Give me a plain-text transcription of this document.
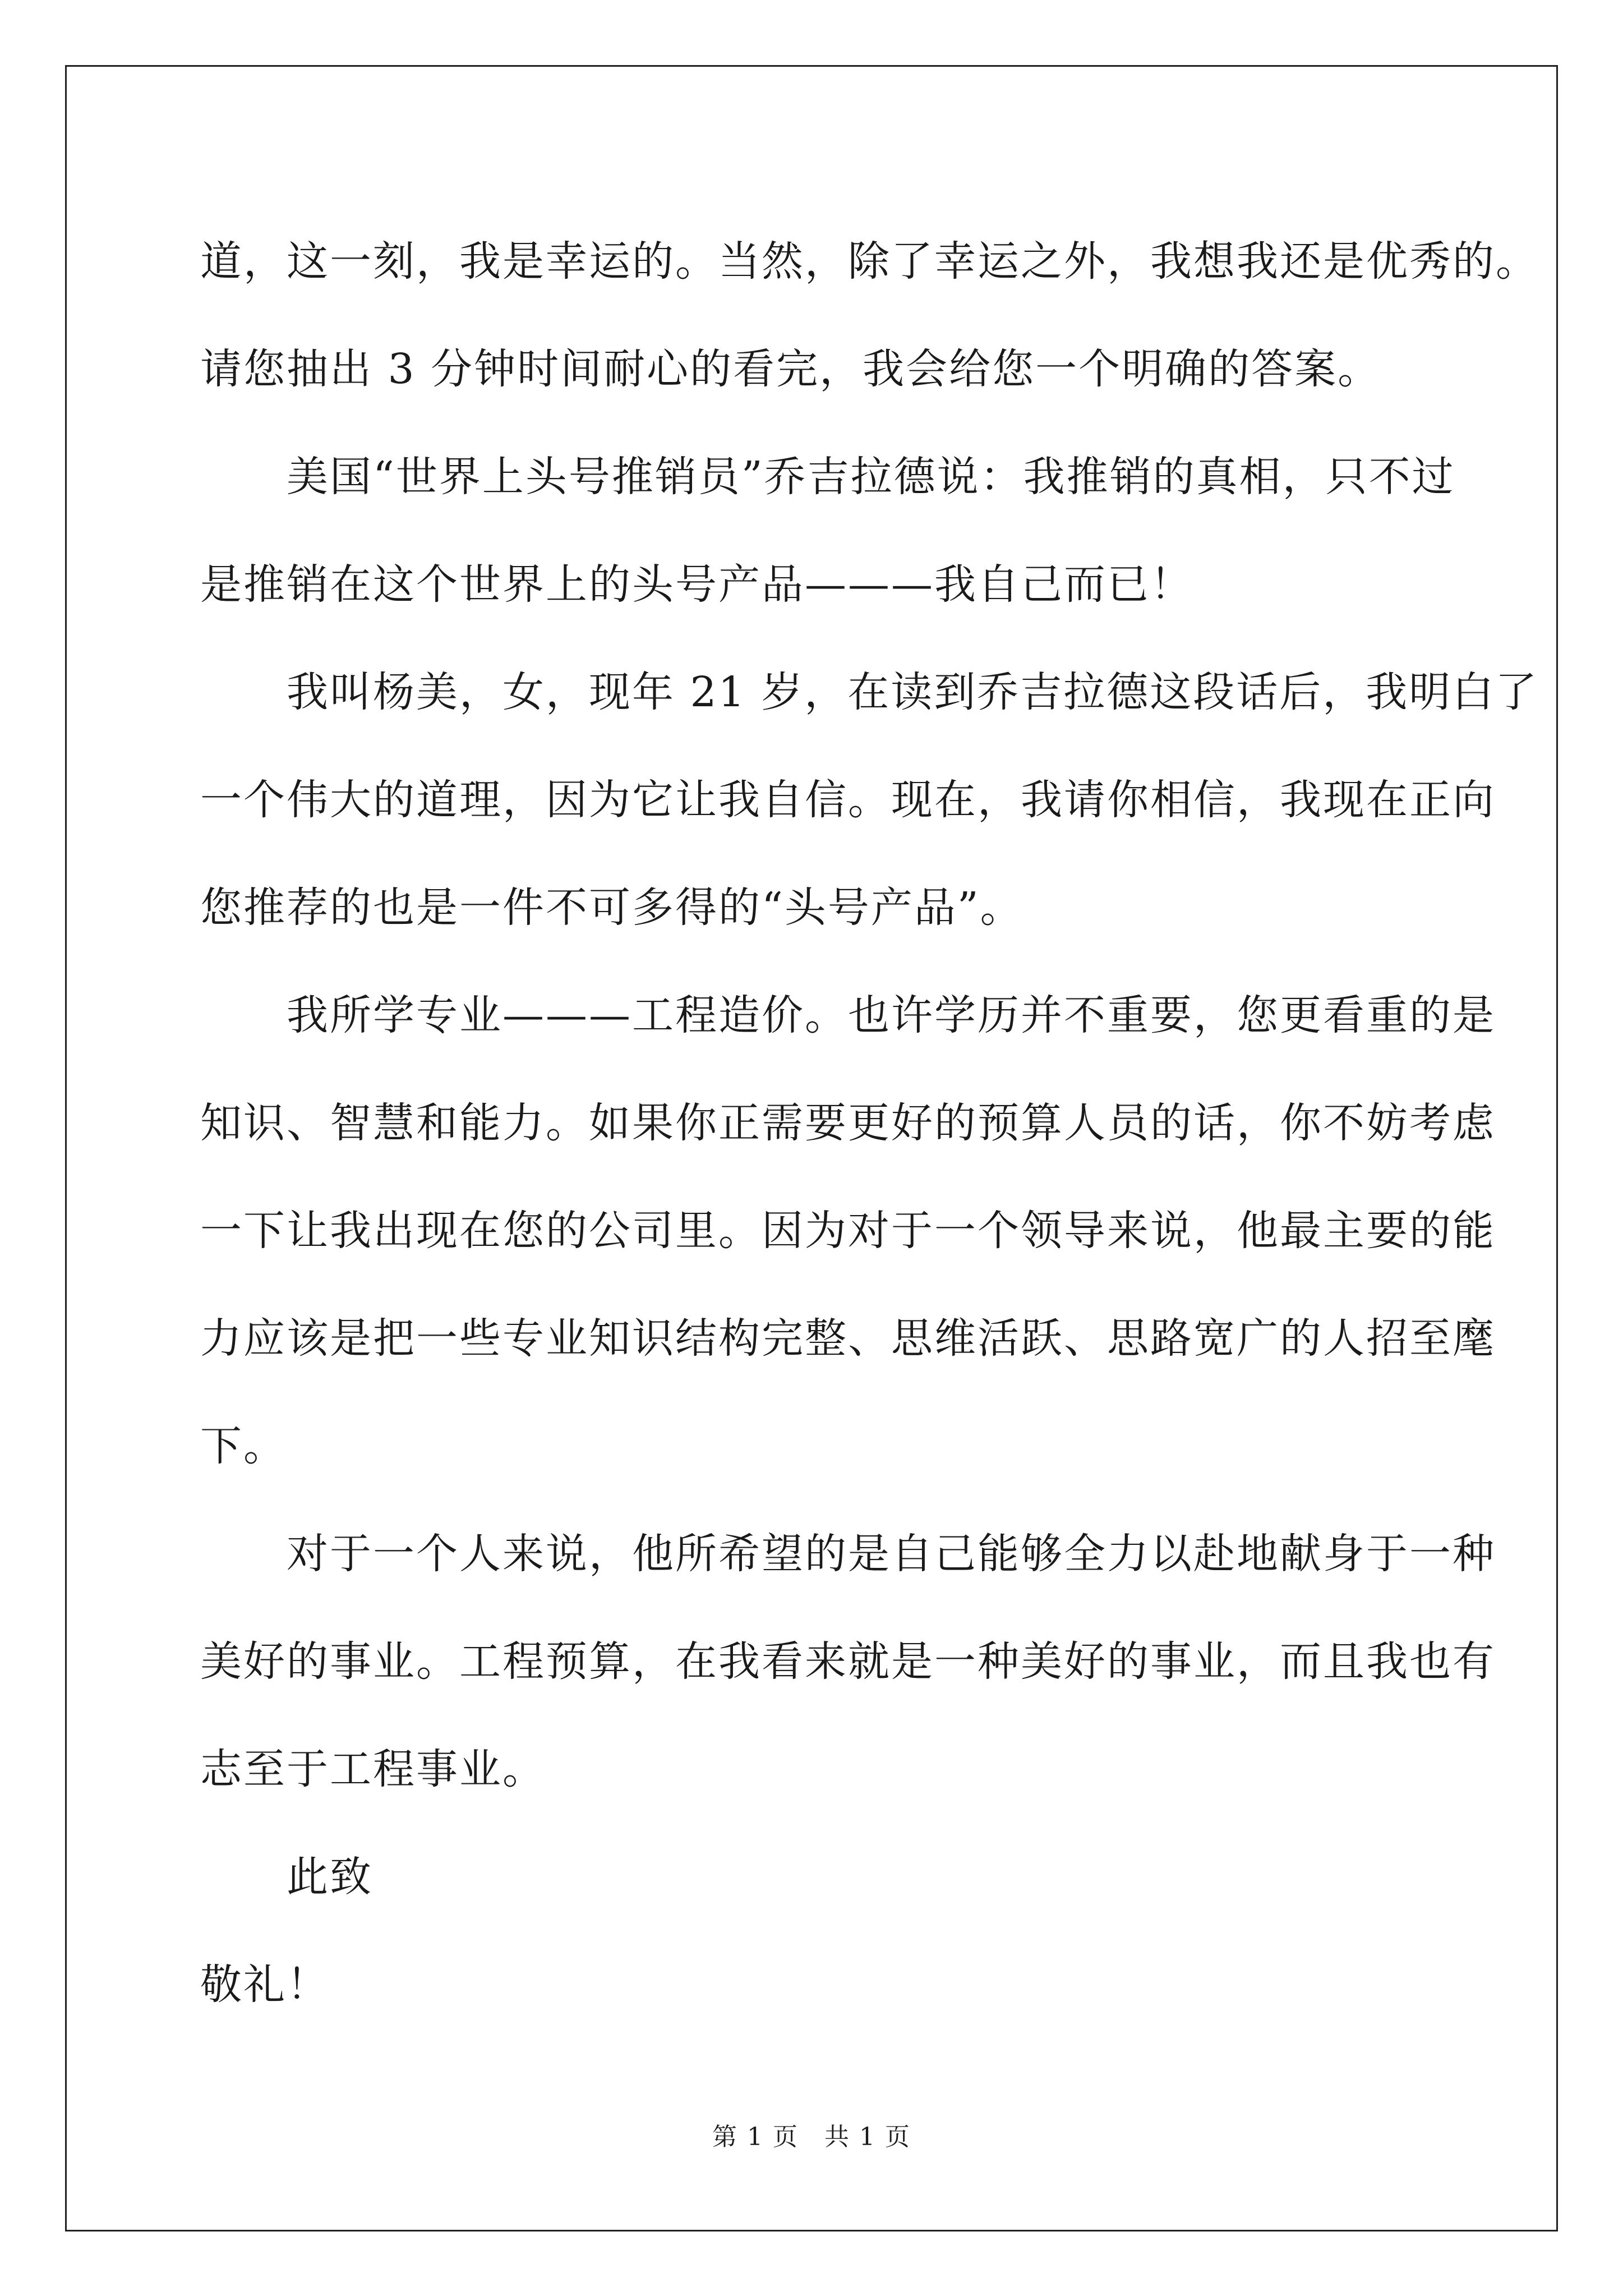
道，这一刻，我是幸运的。当然，除了幸运之外，我想我还是优秀的。
请您抽出 3 分钟时间耐心的看完，我会给您一个明确的答案。
　　美国“世界上头号推销员”乔吉拉德说：我推销的真相，只不过
是推销在这个世界上的头号产品———我自己而已！
　　我叫杨美，女，现年 21 岁，在读到乔吉拉德这段话后，我明白了
一个伟大的道理，因为它让我自信。现在，我请你相信，我现在正向
您推荐的也是一件不可多得的“头号产品”。
　　我所学专业———工程造价。也许学历并不重要，您更看重的是
知识、智慧和能力。如果你正需要更好的预算人员的话，你不妨考虑
一下让我出现在您的公司里。因为对于一个领导来说，他最主要的能
力应该是把一些专业知识结构完整、思维活跃、思路宽广的人招至麾
下。
　　对于一个人来说，他所希望的是自己能够全力以赴地献身于一种
美好的事业。工程预算，在我看来就是一种美好的事业，而且我也有
志至于工程事业。
　　此致
敬礼！
第 1 页　共 1 页
